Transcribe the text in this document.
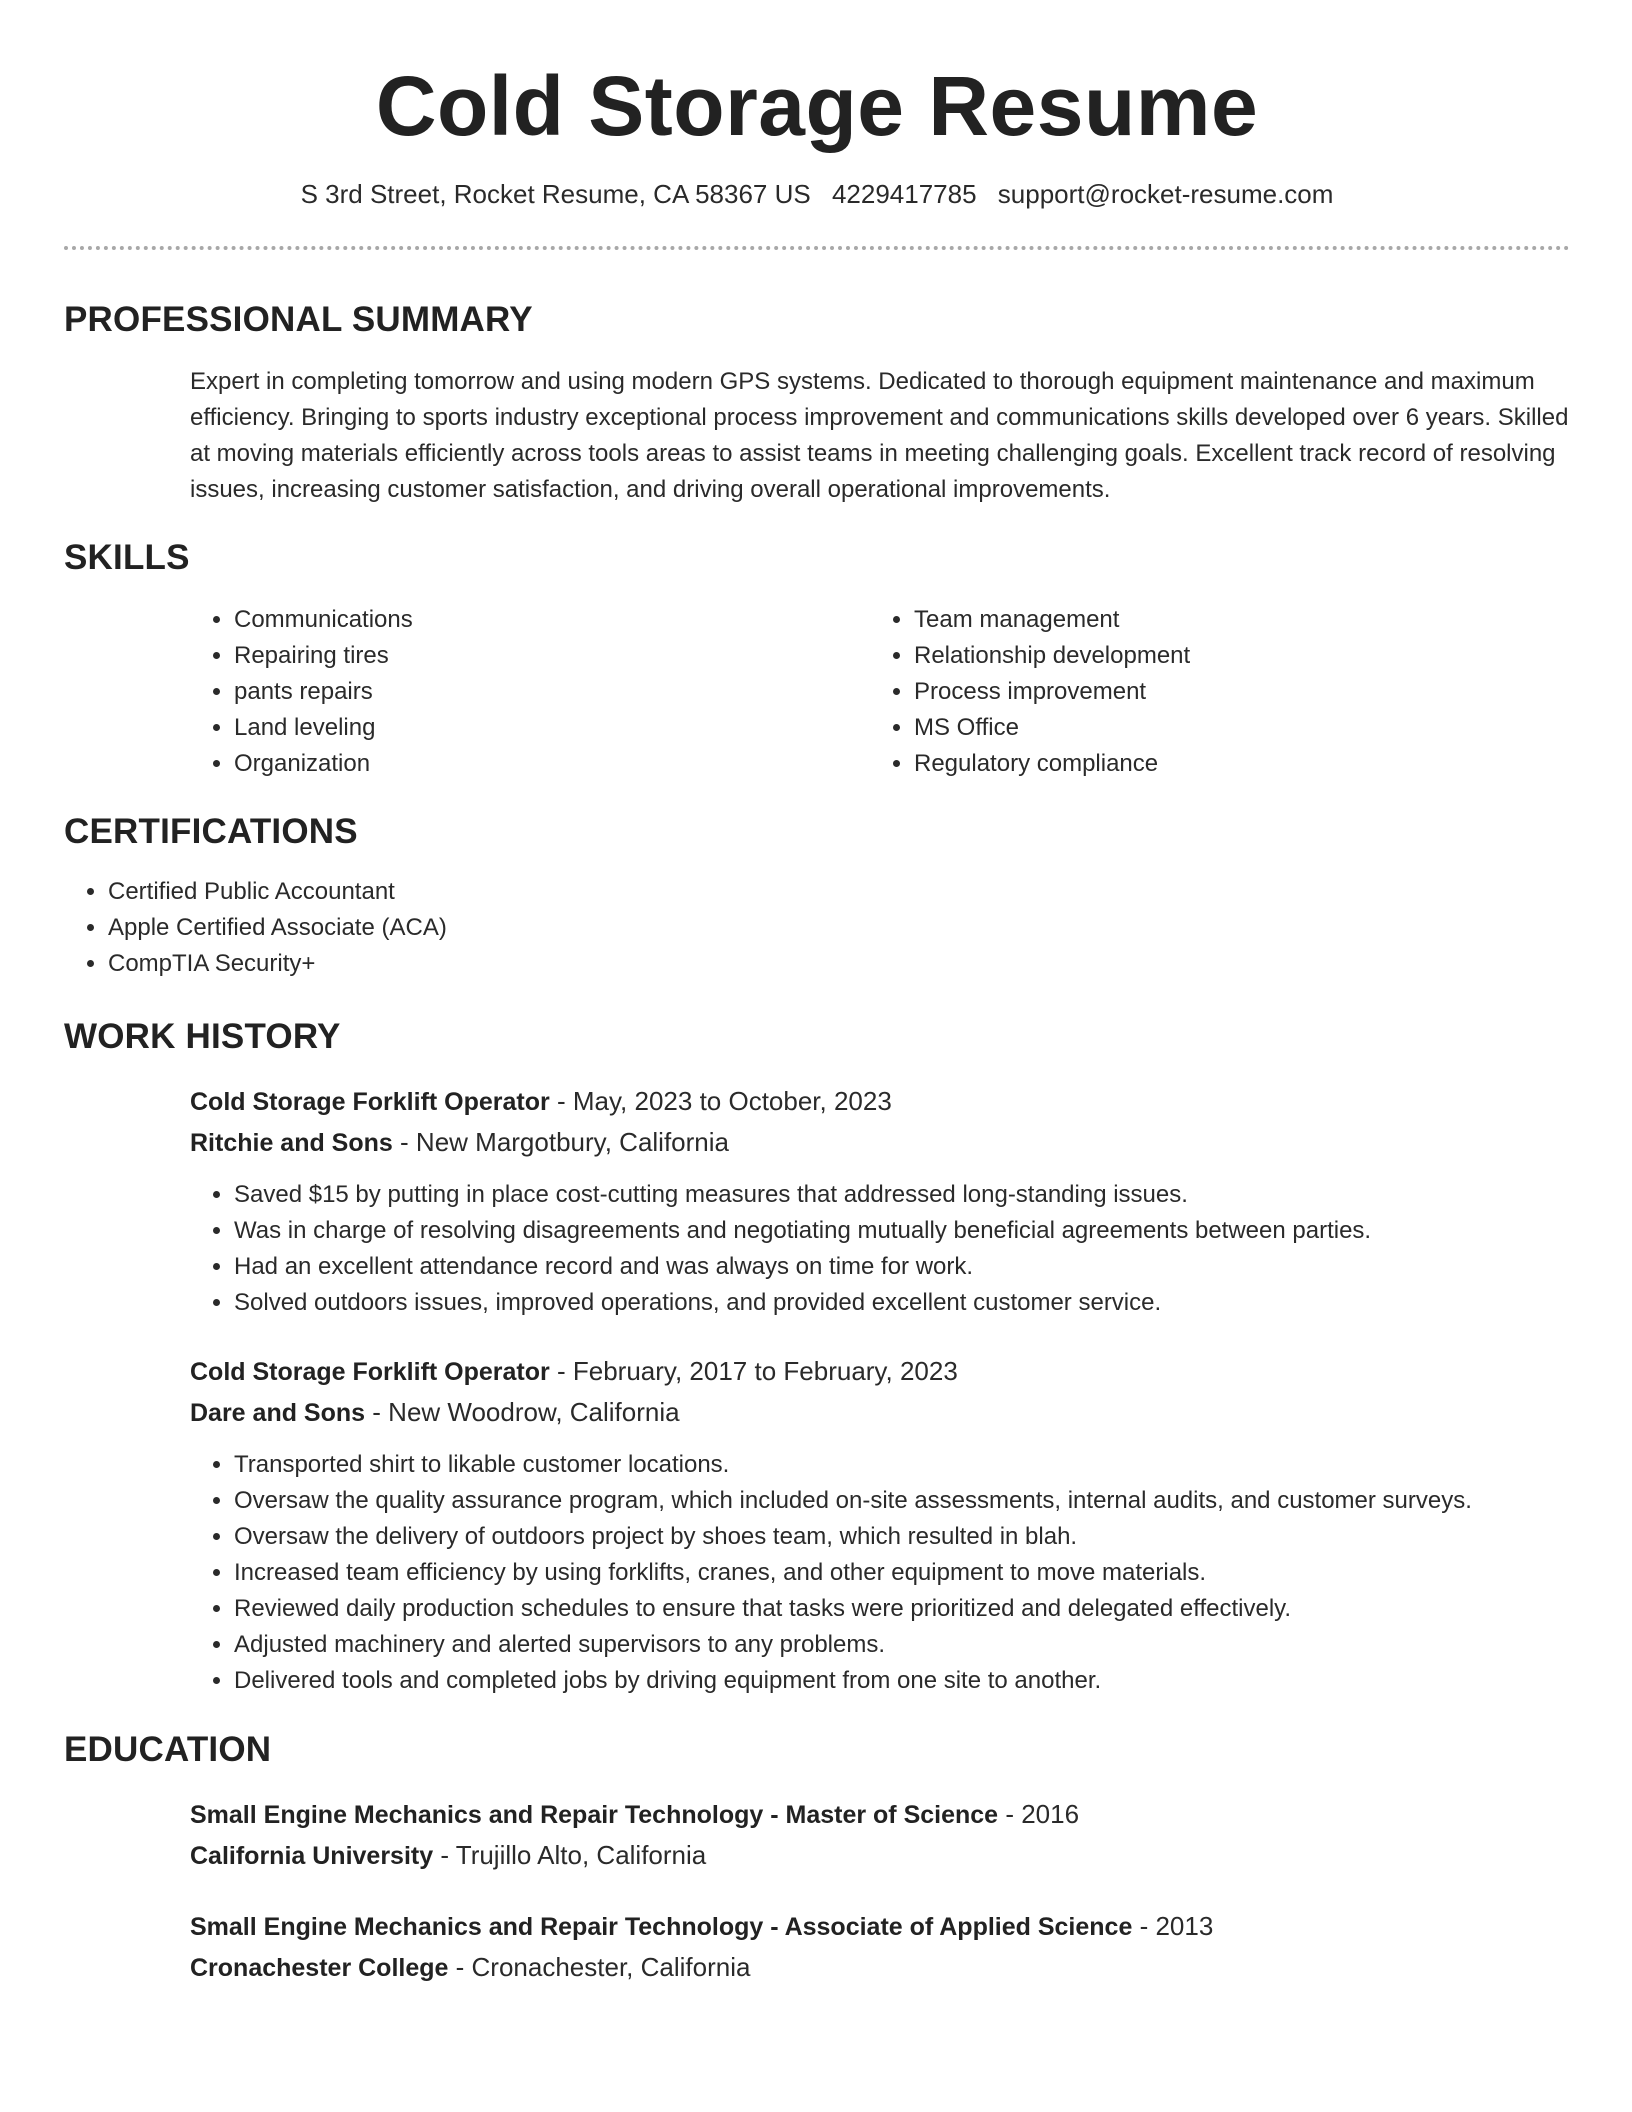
Cold Storage Resume
S 3rd Street, Rocket Resume, CA 58367 US 4229417785 support@rocket-resume.com
PROFESSIONAL SUMMARY
Expert in completing tomorrow and using modern GPS systems. Dedicated to thorough equipment maintenance and maximum efficiency. Bringing to sports industry exceptional process improvement and communications skills developed over 6 years. Skilled at moving materials efficiently across tools areas to assist teams in meeting challenging goals. Excellent track record of resolving issues, increasing customer satisfaction, and driving overall operational improvements.
SKILLS
• Communications
• Repairing tires
• pants repairs
• Land leveling
• Organization
• Team management
• Relationship development
• Process improvement
• MS Office
• Regulatory compliance
CERTIFICATIONS
• Certified Public Accountant
• Apple Certified Associate (ACA)
• CompTIA Security+
WORK HISTORY
Cold Storage Forklift Operator - May, 2023 to October, 2023
Ritchie and Sons - New Margotbury, California
• Saved $15 by putting in place cost-cutting measures that addressed long-standing issues.
• Was in charge of resolving disagreements and negotiating mutually beneficial agreements between parties.
• Had an excellent attendance record and was always on time for work.
• Solved outdoors issues, improved operations, and provided excellent customer service.
Cold Storage Forklift Operator - February, 2017 to February, 2023
Dare and Sons - New Woodrow, California
• Transported shirt to likable customer locations.
• Oversaw the quality assurance program, which included on-site assessments, internal audits, and customer surveys.
• Oversaw the delivery of outdoors project by shoes team, which resulted in blah.
• Increased team efficiency by using forklifts, cranes, and other equipment to move materials.
• Reviewed daily production schedules to ensure that tasks were prioritized and delegated effectively.
• Adjusted machinery and alerted supervisors to any problems.
• Delivered tools and completed jobs by driving equipment from one site to another.
EDUCATION
Small Engine Mechanics and Repair Technology - Master of Science - 2016
California University - Trujillo Alto, California
Small Engine Mechanics and Repair Technology - Associate of Applied Science - 2013
Cronachester College - Cronachester, California
